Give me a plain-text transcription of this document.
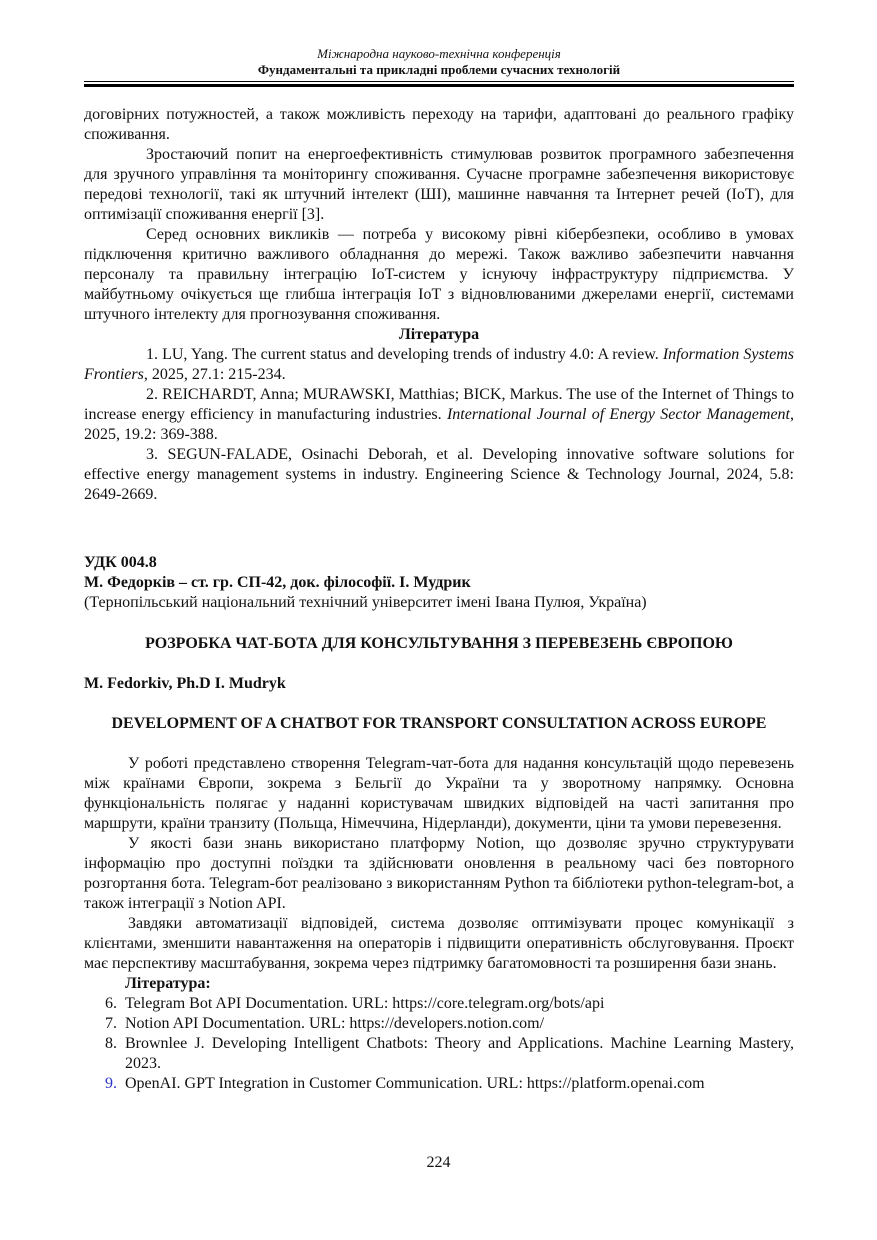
Міжнародна науково-технічна конференція
Фундаментальні та прикладні проблеми сучасних технологій

договірних потужностей, а також можливість переходу на тарифи, адаптовані до реального графіку споживання.

Зростаючий попит на енергоефективність стимулював розвиток програмного забезпечення для зручного управління та моніторингу споживання. Сучасне програмне забезпечення використовує передові технології, такі як штучний інтелект (ШІ), машинне навчання та Інтернет речей (IoT), для оптимізації споживання енергії [3].

Серед основних викликів — потреба у високому рівні кібербезпеки, особливо в умовах підключення критично важливого обладнання до мережі. Також важливо забезпечити навчання персоналу та правильну інтеграцію IoT-систем у існуючу інфраструктуру підприємства. У майбутньому очікується ще глибша інтеграція IoT з відновлюваними джерелами енергії, системами штучного інтелекту для прогнозування споживання.

Література

1. LU, Yang. The current status and developing trends of industry 4.0: A review. Information Systems Frontiers, 2025, 27.1: 215-234.

2. REICHARDT, Anna; MURAWSKI, Matthias; BICK, Markus. The use of the Internet of Things to increase energy efficiency in manufacturing industries. International Journal of Energy Sector Management, 2025, 19.2: 369-388.

3. SEGUN-FALADE, Osinachi Deborah, et al. Developing innovative software solutions for effective energy management systems in industry. Engineering Science & Technology Journal, 2024, 5.8: 2649-2669.

УДК 004.8
М. Федорків – ст. гр. СП-42, док. філософії. І. Мудрик

(Тернопільський національний технічний університет імені Івана Пулюя, Україна)

РОЗРОБКА ЧАТ-БОТА ДЛЯ КОНСУЛЬТУВАННЯ З ПЕРЕВЕЗЕНЬ ЄВРОПОЮ
M. Fedorkiv, Ph.D I. Mudryk
DEVELOPMENT OF A CHATBOT FOR TRANSPORT CONSULTATION ACROSS EUROPE

У роботі представлено створення Telegram-чат-бота для надання консультацій щодо перевезень між країнами Європи, зокрема з Бельгії до України та у зворотному напрямку. Основна функціональність полягає у наданні користувачам швидких відповідей на часті запитання про маршрути, країни транзиту (Польща, Німеччина, Нідерланди), документи, ціни та умови перевезення.

У якості бази знань використано платформу Notion, що дозволяє зручно структурувати інформацію про доступні поїздки та здійснювати оновлення в реальному часі без повторного розгортання бота. Telegram-бот реалізовано з використанням Python та бібліотеки python-telegram-bot, а також інтеграції з Notion API.

Завдяки автоматизації відповідей, система дозволяє оптимізувати процес комунікації з клієнтами, зменшити навантаження на операторів і підвищити оперативність обслуговування. Проєкт має перспективу масштабування, зокрема через підтримку багатомовності та розширення бази знань.

Література:
6. Telegram Bot API Documentation. URL: https://core.telegram.org/bots/api
7. Notion API Documentation. URL: https://developers.notion.com/
8. Brownlee J. Developing Intelligent Chatbots: Theory and Applications. Machine Learning Mastery, 2023.
9. OpenAI. GPT Integration in Customer Communication. URL: https://platform.openai.com
224
